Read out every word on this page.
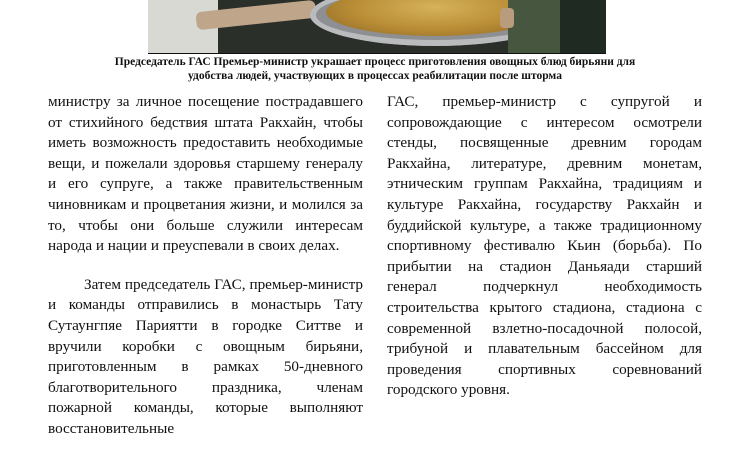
Председатель ГАС Премьер-министр украшает процесс приготовления овощных блюд бирьяни для
удобства людей, участвующих в процессах реабилитации после шторма

министру за личное посещение пострадавшего от стихийного бедствия штата Ракхайн, чтобы иметь возможность предоставить необходимые вещи, и пожелали здоровья старшему генералу и его супруге, а также правительственным чиновникам и процветания жизни, и молился за то, чтобы они больше служили интересам народа и нации и преуспевали в своих делах.

Затем председатель ГАС, премьер-министр и команды отправились в монастырь Тату Сутаунгпяе Париятти в городке Ситтве и вручили коробки с овощным бирьяни, приготовленным в рамках 50-дневного благотворительного праздника, членам пожарной команды, которые выполняют восстановительные

ГАС, премьер-министр с супругой и сопровождающие с интересом осмотрели стенды, посвященные древним городам Ракхайна, литературе, древним монетам, этническим группам Ракхайна, традициям и культуре Ракхайна, государству Ракхайн и буддийской культуре, а также традиционному спортивному фестивалю Кьин (борьба). По прибытии на стадион Даньяади старший генерал подчеркнул необходимость строительства крытого стадиона, стадиона с современной взлетно-посадочной полосой, трибуной и плавательным бассейном для проведения спортивных соревнований городского уровня.
